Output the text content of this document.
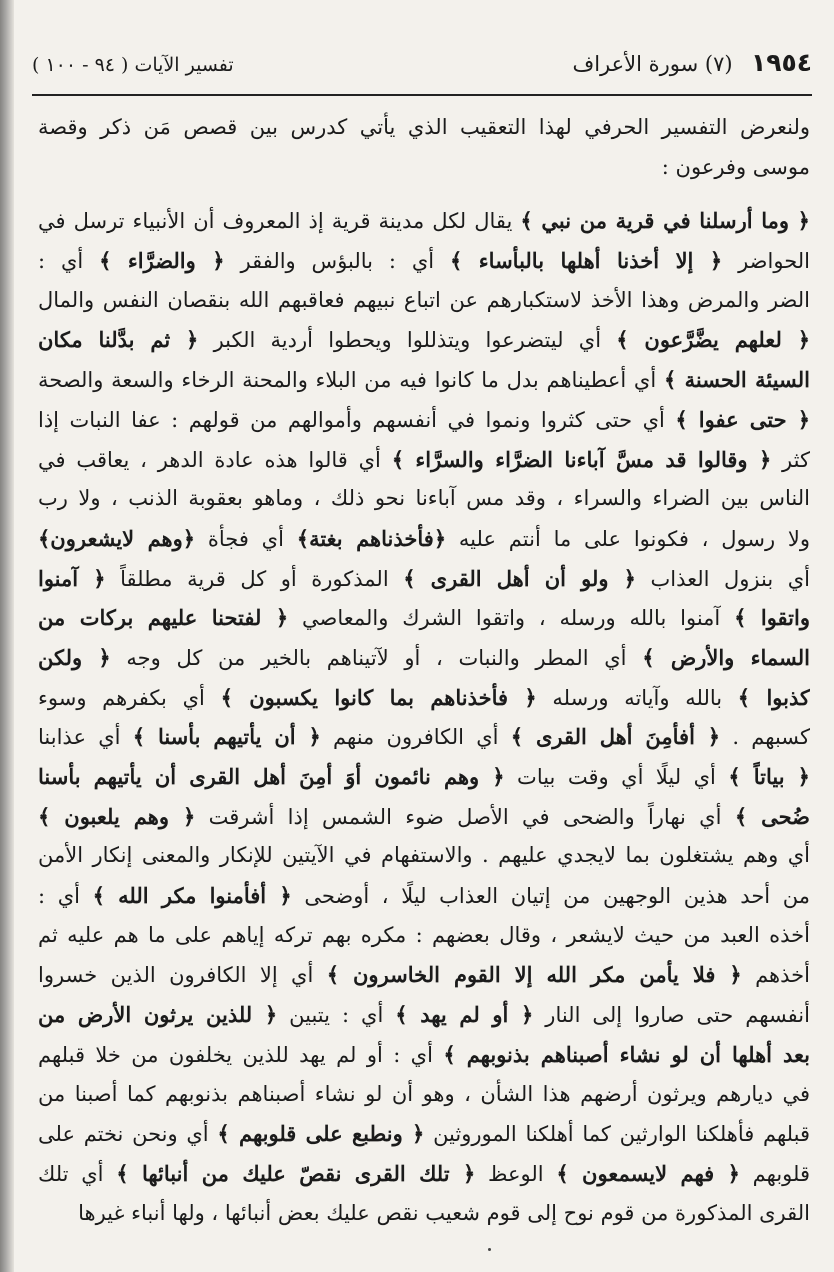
١٩٥٤ (٧) سورة الأعراف
تفسير الآيات ( ٩٤ - ١٠٠ )
ولنعرض التفسير الحرفي لهذا التعقيب الذي يأتي كدرس بين قصص مَن ذكر وقصة
موسى وفرعون :
﴿ وما أرسلنا في قرية من نبي ﴾ يقال لكل مدينة قرية إذ المعروف أن الأنبياء ترسل في
الحواضر ﴿ إلا أخذنا أهلها بالبأساء ﴾ أي : بالبؤس والفقر ﴿ والضرَّاء ﴾ أي :
الضر والمرض وهذا الأخذ لاستكبارهم عن اتباع نبيهم فعاقبهم الله بنقصان النفس والمال
﴿ لعلهم يضَّرَّعون ﴾ أي ليتضرعوا ويتذللوا ويحطوا أردية الكبر ﴿ ثم بدَّلنا مكان
السيئة الحسنة ﴾ أي أعطيناهم بدل ما كانوا فيه من البلاء والمحنة الرخاء والسعة والصحة
﴿ حتى عفوا ﴾ أي حتى كثروا ونموا في أنفسهم وأموالهم من قولهم : عفا النبات إذا
كثر ﴿ وقالوا قد مسَّ آباءنا الضرَّاء والسرَّاء ﴾ أي قالوا هذه عادة الدهر ، يعاقب في
الناس بين الضراء والسراء ، وقد مس آباءنا نحو ذلك ، وماهو بعقوبة الذنب ، ولا رب
ولا رسول ، فكونوا على ما أنتم عليه ﴿فأخذناهم بغتة﴾ أي فجأة ﴿وهم لايشعرون﴾
أي بنزول العذاب ﴿ ولو أن أهل القرى ﴾ المذكورة أو كل قرية مطلقاً ﴿ آمنوا
واتقوا ﴾ آمنوا بالله ورسله ، واتقوا الشرك والمعاصي ﴿ لفتحنا عليهم بركات من
السماء والأرض ﴾ أي المطر والنبات ، أو لآتيناهم بالخير من كل وجه ﴿ ولكن
كذبوا ﴾ بالله وآياته ورسله ﴿ فأخذناهم بما كانوا يكسبون ﴾ أي بكفرهم وسوء
كسبهم . ﴿ أفأمِنَ أهل القرى ﴾ أي الكافرون منهم ﴿ أن يأتيهم بأسنا ﴾ أي عذابنا
﴿ بياتاً ﴾ أي ليلًا أي وقت بيات ﴿ وهم نائمون أوَ أمِنَ أهل القرى أن يأتيهم بأسنا
ضُحى ﴾ أي نهاراً والضحى في الأصل ضوء الشمس إذا أشرقت ﴿ وهم يلعبون ﴾
أي وهم يشتغلون بما لايجدي عليهم . والاستفهام في الآيتين للإنكار والمعنى إنكار الأمن
من أحد هذين الوجهين من إتيان العذاب ليلًا ، أوضحى ﴿ أفأمنوا مكر الله ﴾ أي :
أخذه العبد من حيث لايشعر ، وقال بعضهم : مكره بهم تركه إياهم على ما هم عليه ثم
أخذهم ﴿ فلا يأمن مكر الله إلا القوم الخاسرون ﴾ أي إلا الكافرون الذين خسروا
أنفسهم حتى صاروا إلى النار ﴿ أو لم يهد ﴾ أي : يتبين ﴿ للذين يرثون الأرض من
بعد أهلها أن لو نشاء أصبناهم بذنوبهم ﴾ أي : أو لم يهد للذين يخلفون من خلا قبلهم
في ديارهم ويرثون أرضهم هذا الشأن ، وهو أن لو نشاء أصبناهم بذنوبهم كما أصبنا من
قبلهم فأهلكنا الوارثين كما أهلكنا الموروثين ﴿ ونطبع على قلوبهم ﴾ أي ونحن نختم على
قلوبهم ﴿ فهم لايسمعون ﴾ الوعظ ﴿ تلك القرى نقصّ عليك من أنبائها ﴾ أي تلك
القرى المذكورة من قوم نوح إلى قوم شعيب نقص عليك بعض أنبائها ، ولها أنباء غيرها
